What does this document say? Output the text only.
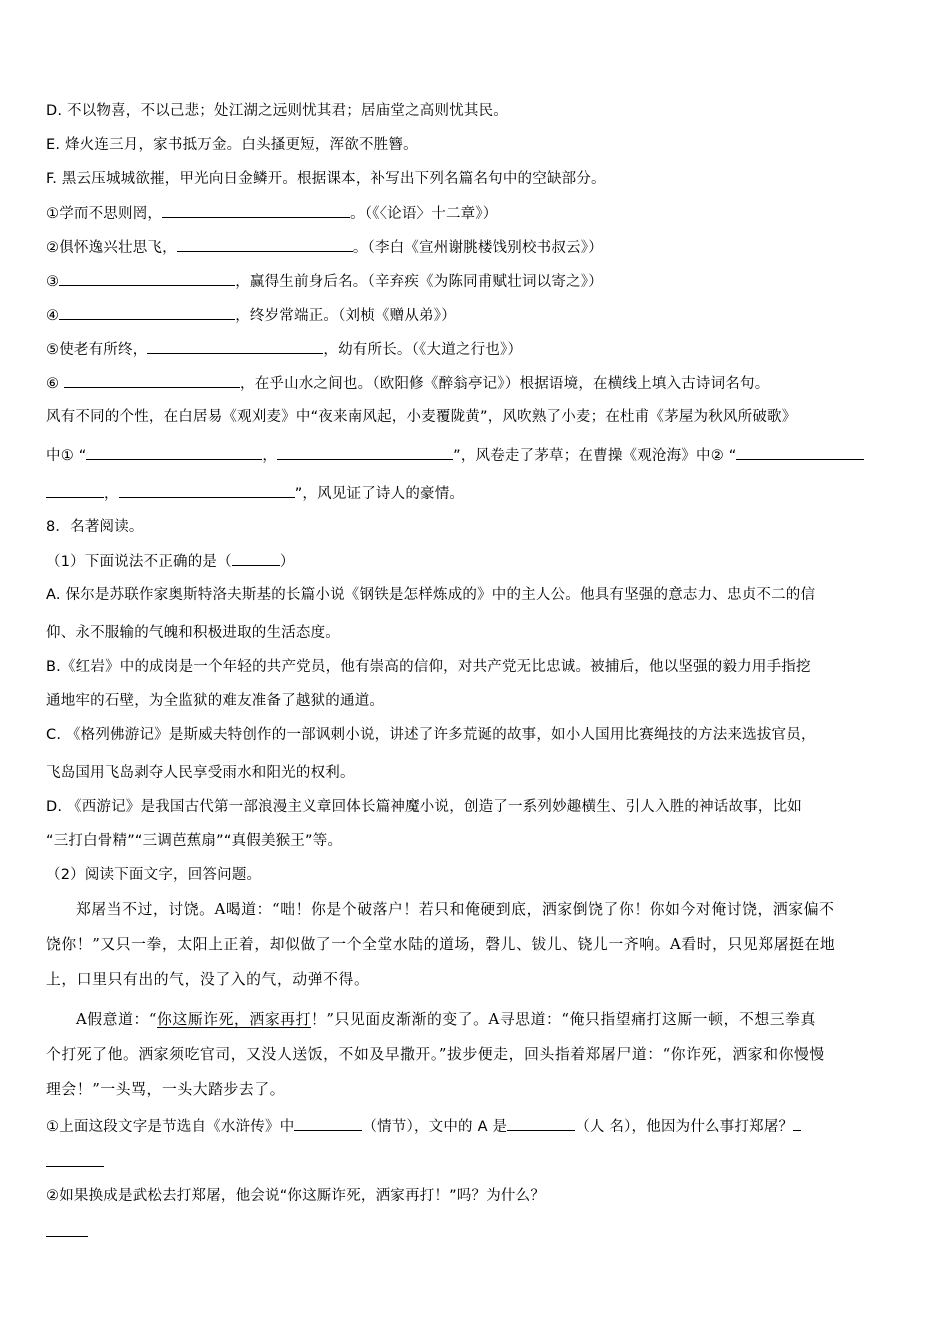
D. 不以物喜，不以己悲；处江湖之远则忧其君；居庙堂之高则忧其民。
E. 烽火连三月，家书抵万金。白头搔更短，浑欲不胜簪。
F. 黑云压城城欲摧，甲光向日金鳞开。根据课本，补写出下列名篇名句中的空缺部分。
①学而不思则罔，	。（《〈论语〉十二章》）
②俱怀逸兴壮思飞，	。（李白《宣州谢朓楼饯别校书叔云》）
③	，赢得生前身后名。（辛弃疾《为陈同甫赋壮词以寄之》）
④	，终岁常端正。（刘桢《赠从弟》）
⑤使老有所终，	，幼有所长。（《大道之行也》）
⑥	，在乎山水之间也。（欧阳修《醉翁亭记》）根据语境，在横线上填入古诗词名句。
风有不同的个性，在白居易《观刈麦》中“夜来南风起，小麦覆陇黄”，风吹熟了小麦；在杜甫《茅屋为秋风所破歌》
中① “	，	”，风卷走了茅草；在曹操《观沧海》中② “
，	”，风见证了诗人的豪情。
8．名著阅读。
（1）下面说法不正确的是（	）
A. 保尔是苏联作家奥斯特洛夫斯基的长篇小说《钢铁是怎样炼成的》中的主人公。他具有坚强的意志力、忠贞不二的信
仰、永不服输的气魄和积极进取的生活态度。
B.《红岩》中的成岗是一个年轻的共产党员，他有崇高的信仰，对共产党无比忠诚。被捕后，他以坚强的毅力用手指挖
通地牢的石壁，为全监狱的难友准备了越狱的通道。
C. 《格列佛游记》是斯威夫特创作的一部讽刺小说，讲述了许多荒诞的故事，如小人国用比赛绳技的方法来选拔官员，
飞岛国用飞岛剥夺人民享受雨水和阳光的权利。
D. 《西游记》是我国古代第一部浪漫主义章回体长篇神魔小说，创造了一系列妙趣横生、引人入胜的神话故事，比如
“三打白骨精”“三调芭蕉扇”“真假美猴王”等。
（2）阅读下面文字，回答问题。
郑屠当不过，讨饶。A喝道：“咄！你是个破落户！若只和俺硬到底，洒家倒饶了你！你如今对俺讨饶，洒家偏不
饶你！”又只一拳，太阳上正着，却似做了一个全堂水陆的道场，磬儿、钹儿、铙儿一齐响。A看时，只见郑屠挺在地
上，口里只有出的气，没了入的气，动弹不得。
A假意道：“你这厮诈死，洒家再打！”只见面皮渐渐的变了。A寻思道：“俺只指望痛打这厮一顿，不想三拳真
个打死了他。洒家须吃官司，又没人送饭，不如及早撒开。”拔步便走，回头指着郑屠尸道：“你诈死，洒家和你慢慢
理会！”一头骂，一头大踏步去了。
①上面这段文字是节选自《水浒传》中	（情节），文中的 A 是	（人 名），他因为什么事打郑屠？
②如果换成是武松去打郑屠，他会说“你这厮诈死，洒家再打！”吗？为什么？
